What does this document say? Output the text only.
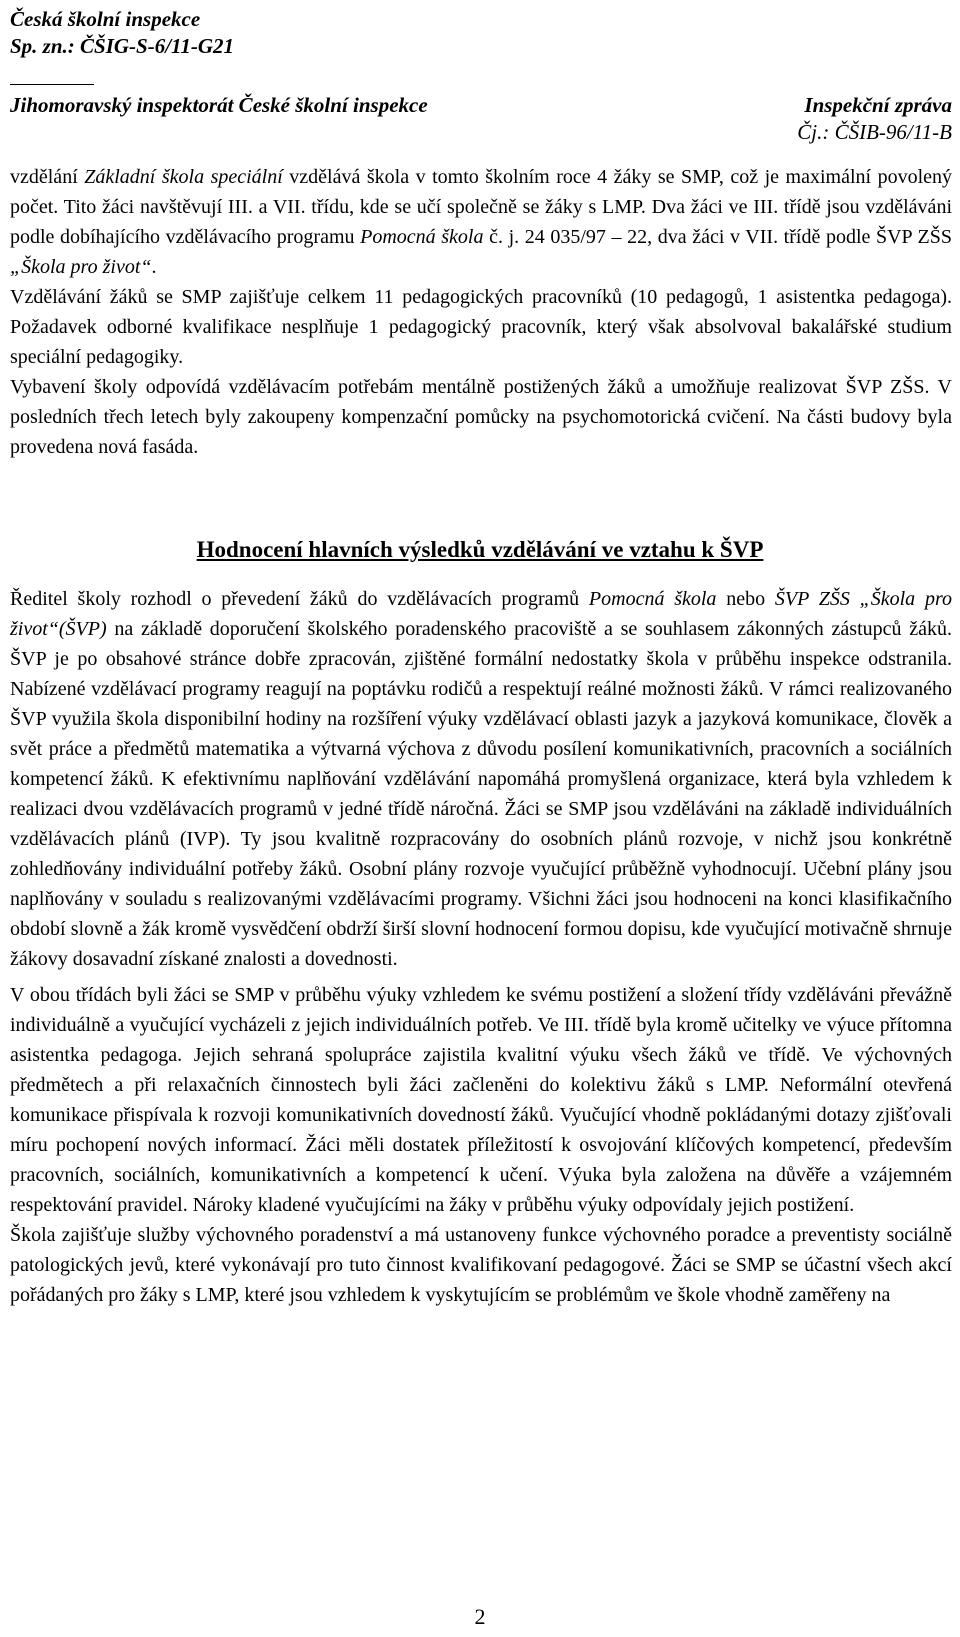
Česká školní inspekce
Sp. zn.: ČŠIG-S-6/11-G21
Jihomoravský inspektorát České školní inspekce	Inspekční zpráva
Čj.: ČŠIB-96/11-B

vzdělání Základní škola speciální vzdělává škola v tomto školním roce 4 žáky se SMP, což je maximální povolený počet. Tito žáci navštěvují III. a VII. třídu, kde se učí společně se žáky s LMP. Dva žáci ve III. třídě jsou vzděláváni podle dobíhajícího vzdělávacího programu Pomocná škola č. j. 24 035/97 – 22, dva žáci v VII. třídě podle ŠVP ZŠS „Škola pro život“.

Vzdělávání žáků se SMP zajišťuje celkem 11 pedagogických pracovníků (10 pedagogů, 1 asistentka pedagoga). Požadavek odborné kvalifikace nesplňuje 1 pedagogický pracovník, který však absolvoval bakalářské studium speciální pedagogiky.

Vybavení školy odpovídá vzdělávacím potřebám mentálně postižených žáků a umožňuje realizovat ŠVP ZŠS. V posledních třech letech byly zakoupeny kompenzační pomůcky na psychomotorická cvičení. Na části budovy byla provedena nová fasáda.

Hodnocení hlavních výsledků vzdělávání ve vztahu k ŠVP

Ředitel školy rozhodl o převedení žáků do vzdělávacích programů Pomocná škola nebo ŠVP ZŠS „Škola pro život“(ŠVP) na základě doporučení školského poradenského pracoviště a se souhlasem zákonných zástupců žáků. ŠVP je po obsahové stránce dobře zpracován, zjištěné formální nedostatky škola v průběhu inspekce odstranila. Nabízené vzdělávací programy reagují na poptávku rodičů a respektují reálné možnosti žáků. V rámci realizovaného ŠVP využila škola disponibilní hodiny na rozšíření výuky vzdělávací oblasti jazyk a jazyková komunikace, člověk a svět práce a předmětů matematika a výtvarná výchova z důvodu posílení komunikativních, pracovních a sociálních kompetencí žáků. K efektivnímu naplňování vzdělávání napomáhá promyšlená organizace, která byla vzhledem k realizaci dvou vzdělávacích programů v jedné třídě náročná. Žáci se SMP jsou vzděláváni na základě individuálních vzdělávacích plánů (IVP). Ty jsou kvalitně rozpracovány do osobních plánů rozvoje, v nichž jsou konkrétně zohledňovány individuální potřeby žáků. Osobní plány rozvoje vyučující průběžně vyhodnocují. Učební plány jsou naplňovány v souladu s realizovanými vzdělávacími programy. Všichni žáci jsou hodnoceni na konci klasifikačního období slovně a žák kromě vysvědčení obdrží širší slovní hodnocení formou dopisu, kde vyučující motivačně shrnuje žákovy dosavadní získané znalosti a dovednosti.

V obou třídách byli žáci se SMP v průběhu výuky vzhledem ke svému postižení a složení třídy vzděláváni převážně individuálně a vyučující vycházeli z jejich individuálních potřeb. Ve III. třídě byla kromě učitelky ve výuce přítomna asistentka pedagoga. Jejich sehraná spolupráce zajistila kvalitní výuku všech žáků ve třídě. Ve výchovných předmětech a při relaxačních činnostech byli žáci začleněni do kolektivu žáků s LMP. Neformální otevřená komunikace přispívala k rozvoji komunikativních dovedností žáků. Vyučující vhodně pokládanými dotazy zjišťovali míru pochopení nových informací. Žáci měli dostatek příležitostí k osvojování klíčových kompetencí, především pracovních, sociálních, komunikativních a kompetencí k učení. Výuka byla založena na důvěře a vzájemném respektování pravidel. Nároky kladené vyučujícími na žáky v průběhu výuky odpovídaly jejich postižení.

Škola zajišťuje služby výchovného poradenství a má ustanoveny funkce výchovného poradce a preventisty sociálně patologických jevů, které vykonávají pro tuto činnost kvalifikovaní pedagogové. Žáci se SMP se účastní všech akcí pořádaných pro žáky s LMP, které jsou vzhledem k vyskytujícím se problémům ve škole vhodně zaměřeny na

2
